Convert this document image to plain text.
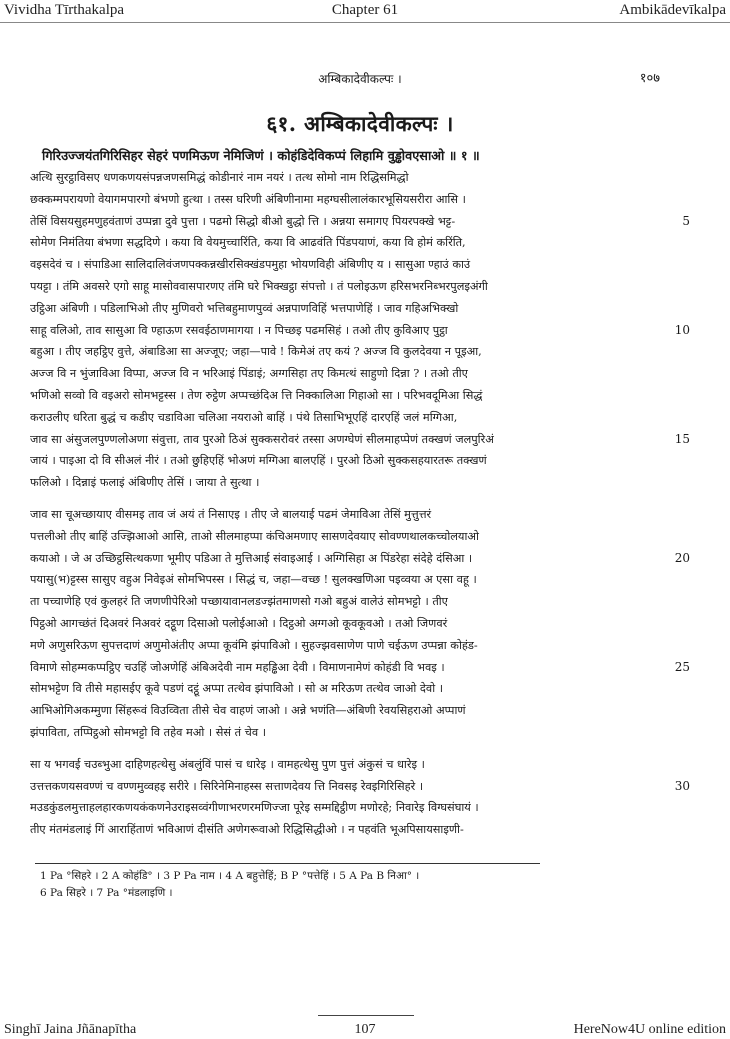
Vividha Tīrthakalpa	Chapter 61	Ambikādevīkalpa
अम्बिकादेवीकल्पः ।	१०७
६१. अम्बिकादेवीकल्पः ।
गिरिउज्जयंतगिरिसिहर सेहरं पणमिऊण नेमिजिणं । कोहंडिदेविकप्पं लिहामि वुड्ढोवएसाओ ॥ १ ॥
अत्थि सुरट्ठाविसए धणकणयसंपन्नजणसमिद्धं कोडीनारं नाम नयरं । तत्थ सोमो नाम रिद्धिसमिद्धो
छक्कम्मपरायणो वेयागमपारगो बंभणो हुत्था । तस्स घरिणी अंबिणीनामा महग्घसीलालंकारभूसियसरीरा आसि ।
तेसिं विसयसुहमणुहवंताणं उप्पन्ना दुवे पुत्ता । पढमो सिद्धो बीओ बुद्धो त्ति । अन्नया समागए पियरपक्खे भट्ट-	5
सोमेण निमंतिया बंभणा सद्धदिणे । कया वि वेयमुच्चारिंति, कया वि आढवंति पिंडपयाणं, कया वि होमं करिंति,
वइसदेवं च । संपाडिआ सालिदालिवंजणपक्कन्नखीरसिक्खंडपमुहा भोयणविही अंबिणीए य । सासुआ ण्हाउं काउं
पयट्टा । तंमि अवसरे एगो साहू मासोववासपारणए तंमि घरे भिक्खट्ठा संपत्तो । तं पलोइऊण हरिसभरनिब्भरपुलइअंगी
उट्ठिआ अंबिणी । पडिलाभिओ तीए मुणिवरो भत्तिबहुमाणपुव्वं अन्नपाणविहिं भत्तपाणेहिं । जाव गहिअभिक्खो
साहू वलिओ, ताव सासुआ वि ण्हाऊण रसवईठाणमागया । न पिच्छइ पढमसिहं । तओ तीए कुविआए पुट्ठा	10
बहुआ । तीए जहट्ठिए वुत्ते, अंबाडिआ सा अज्जूए; जहा—पावे ! किमेअं तए कयं ? अज्ज वि कुलदेवया न पूइआ,
अज्ज वि न भुंजाविआ विप्पा, अज्ज वि न भरिआइं पिंडाइं; अग्गसिहा तए किमत्थं साहुणो दिन्ना ? । तओ तीए
भणिओ सव्वो वि वइअरो सोमभट्टस्स । तेण रुट्ठेण अप्पच्छंदिअ त्ति निक्कालिआ गिहाओ सा । परिभवदूमिआ सिद्धं
कराउलीए धरिता बुद्धं च कडीए चडाविआ चलिआ नयराओ बाहिं । पंथे तिसाभिभूएहिं दारएहिं जलं मग्गिआ,
जाव सा अंसुजलपुण्णलोअणा संवुत्ता, ताव पुरओ ठिअं सुक्कसरोवरं तस्सा अणग्घेणं सीलमाहप्पेणं तक्खणं जलपुरिअं	15
जायं । पाइआ दो वि सीअलं नीरं । तओ छुहिएहिं भोअणं मग्गिआ बालएहिं । पुरओ ठिओ सुक्कसहयारतरू तक्खणं
फलिओ । दिन्नाइं फलाइं अंबिणीए तेसिं । जाया ते सुत्था ।
जाव सा चूअच्छायाए वीसमइ ताव जं अयं तं निसाएइ । तीए जे बालयाई पढमं जेमाविआ तेसिं मुत्तुत्तरं
पत्तलीओ तीए बाहिं उज्झिआओ आसि, ताओ सीलमाहप्पा कंचिअमणाए सासणदेवयाए सोवण्णथालकच्चोलयाओ
कयाओ । जे अ उच्छिट्ठसित्थकणा भूमीए पडिआ ते मुत्तिआई संवाइआई । अग्गिसिहा अ पिंडरेहा संदेहे दंसिआ ।	20
पयासु(भ)ट्टस्स सासुए वहुअ निवेइअं सोमभिपस्स । सिद्धं च, जहा—वच्छ ! सुलक्खणिआ पइव्वया अ एसा वहू ।
ता पच्चाणेहि एवं कुलहरं ति जणणीपेरिओ पच्छायावानलडज्झंतमाणसो गओ बहुअं वालेउं सोमभट्टो । तीए
पिट्ठओ आगच्छंतं दिअवरं निअवरं दट्ठूण दिसाओ पलोईआओ । दिट्ठओ अग्गओ कूवकूवओ । तओ जिणवरं
मणे अणुसरिऊण सुपत्तदाणं अणुमोअंतीए अप्पा कूवंमि झंपाविओ । सुहज्झवसाणेण पाणे चईऊण उप्पन्ना कोहंड-
विमाणे सोहम्मकप्पट्ठिए चउहिं जोअणेहिं अंबिअदेवी नाम महड्ढिआ देवी । विमाणनामेणं कोहंडी वि भवइ ।	25
सोमभट्टेण वि तीसे महासईए कूवे पडणं दट्ठूं अप्पा तत्थेव झंपाविओ । सो अ मरिऊण तत्थेव जाओ देवो ।
आभिओगिअकम्मुणा सिंहरूवं विउव्विता तीसे चेव वाहणं जाओ । अन्ने भणंति—अंबिणी रेवयसिहराओ अप्पाणं
झंपाविता, तप्पिट्ठओ सोमभट्टो वि तहेव मओ । सेसं तं चेव ।
सा य भगवई चउब्भुआ दाहिणहत्थेसु अंबलुंविं पासं च धारेइ । वामहत्थेसु पुण पुत्तं अंकुसं च धारेइ ।
उत्तत्तकणयसवण्णं च वण्णमुव्वहइ सरीरे । सिरिनेमिनाहस्स सत्ताणदेवय त्ति निवसइ रेवइगिरिसिहरे ।	30
मउडकुंडलमुत्ताहलहारकणयकंकणनेउराइसव्वंगीणाभरणरमणिज्जा पूरेइ सम्मद्दिट्ठीण मणोरहे; निवारेइ विग्घसंघायं ।
तीए मंतमंडलाइं गिं आराहिंताणं भविआणं दीसंति अणेगरूवाओ रिद्धिसिद्धीओ । न पहवंति भूअपिसायसाइणी-
1 Pa °सिहरे । 2 A कोहंडि° । 3 P Pa नाम । 4 A बहुत्तेहिं; B P °पत्तेहिं । 5 A Pa B निआ° ।
6 Pa सिहरे । 7 Pa °मंडलाइणि ।
Singhī Jaina Jñānapītha	107	HereNow4U online edition
